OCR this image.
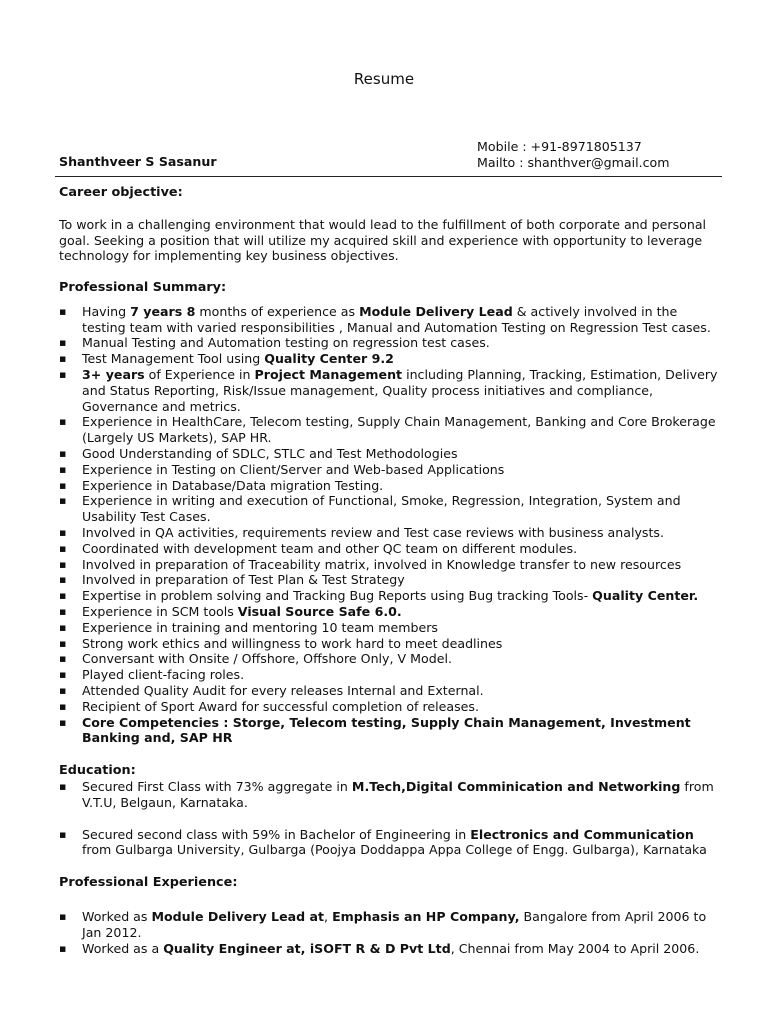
Resume
Mobile : +91-8971805137
Mailto : shanthver@gmail.com
Shanthveer S Sasanur
Career objective:

To work in a challenging environment that would lead to the fulfillment of both corporate and personal goal. Seeking a position that will utilize my acquired skill and experience with opportunity to leverage technology for implementing key business objectives.

Professional Summary:
▪ Having 7 years 8 months of experience as Module Delivery Lead & actively involved in the testing team with varied responsibilities , Manual and Automation Testing on Regression Test cases.
▪ Manual Testing and Automation testing on regression test cases.
▪ Test Management Tool using Quality Center 9.2
▪ 3+ years of Experience in Project Management including Planning, Tracking, Estimation, Delivery and Status Reporting, Risk/Issue management, Quality process initiatives and compliance, Governance and metrics.
▪ Experience in HealthCare, Telecom testing, Supply Chain Management, Banking and Core Brokerage (Largely US Markets), SAP HR.
▪ Good Understanding of SDLC, STLC and Test Methodologies
▪ Experience in Testing on Client/Server and Web-based Applications
▪ Experience in Database/Data migration Testing.
▪ Experience in writing and execution of Functional, Smoke, Regression, Integration, System and Usability Test Cases.
▪ Involved in QA activities, requirements review and Test case reviews with business analysts.
▪ Coordinated with development team and other QC team on different modules.
▪ Involved in preparation of Traceability matrix, involved in Knowledge transfer to new resources
▪ Involved in preparation of Test Plan & Test Strategy
▪ Expertise in problem solving and Tracking Bug Reports using Bug tracking Tools- Quality Center.
▪ Experience in SCM tools Visual Source Safe 6.0.
▪ Experience in training and mentoring 10 team members
▪ Strong work ethics and willingness to work hard to meet deadlines
▪ Conversant with Onsite / Offshore, Offshore Only, V Model.
▪ Played client-facing roles.
▪ Attended Quality Audit for every releases Internal and External.
▪ Recipient of Sport Award for successful completion of releases.
▪ Core Competencies : Storge, Telecom testing, Supply Chain Management, Investment Banking and, SAP HR
Education:
▪ Secured First Class with 73% aggregate in M.Tech,Digital Comminication and Networking from V.T.U, Belgaun, Karnataka.
▪ Secured second class with 59% in Bachelor of Engineering in Electronics and Communication from Gulbarga University, Gulbarga (Poojya Doddappa Appa College of Engg. Gulbarga), Karnataka
Professional Experience:
▪ Worked as Module Delivery Lead at, Emphasis an HP Company, Bangalore from April 2006 to Jan 2012.
▪ Worked as a Quality Engineer at, iSOFT R & D Pvt Ltd, Chennai from May 2004 to April 2006.
